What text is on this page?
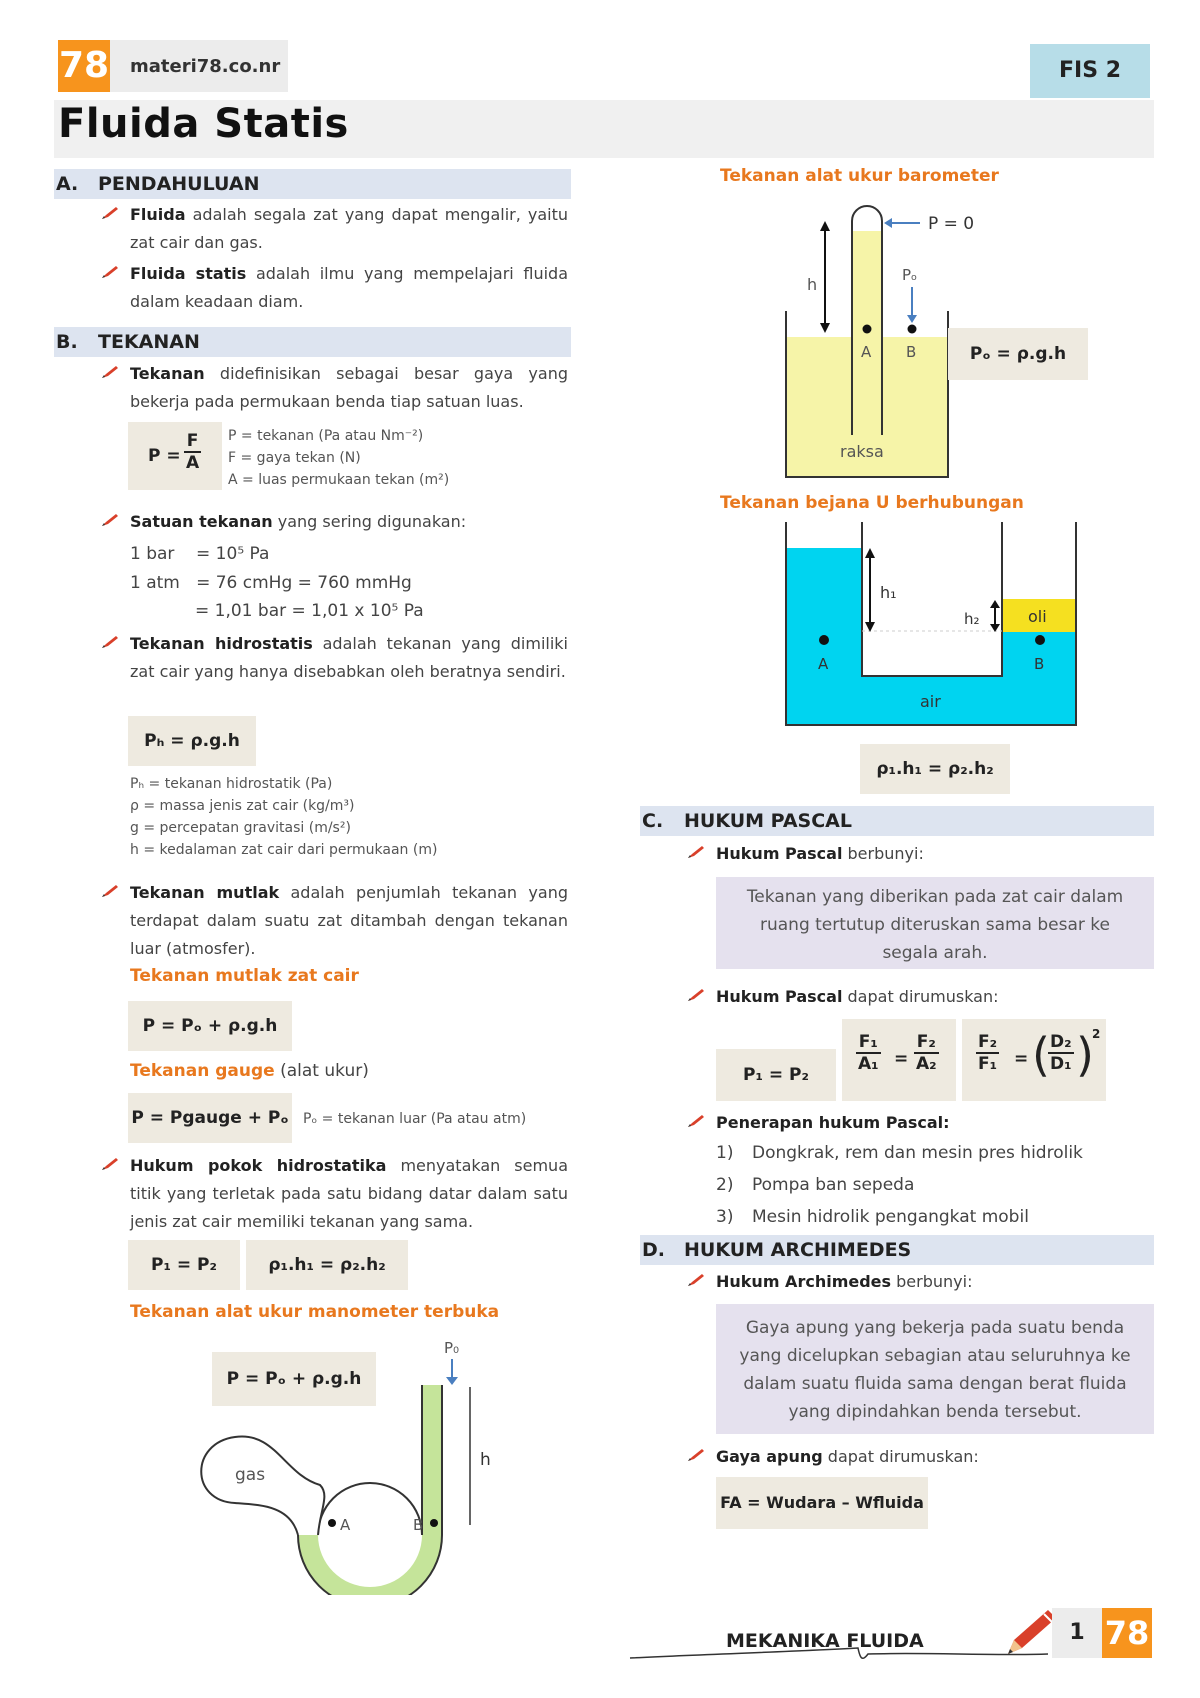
78 materi78.co.nr	FIS 2
Fluida Statis
A. PENDAHULUAN
Fluida adalah segala zat yang dapat mengalir, yaitu zat cair dan gas.
Fluida statis adalah ilmu yang mempelajari fluida dalam keadaan diam.
B. TEKANAN
Tekanan didefinisikan sebagai besar gaya yang bekerja pada permukaan benda tiap satuan luas.
$P = \frac{F}{A}$ P = tekanan (Pa atau Nm⁻²)
F = gaya tekan (N)
A = luas permukaan tekan (m²)
Satuan tekanan yang sering digunakan:
1 bar    = 10⁵ Pa
1 atm   = 76 cmHg = 760 mmHg
= 1,01 bar = 1,01 x 10⁵ Pa
Tekanan hidrostatis adalah tekanan yang dimiliki zat cair yang hanya disebabkan oleh beratnya sendiri.
Pₕ = ρ.g.h
Pₕ = tekanan hidrostatik (Pa)
ρ = massa jenis zat cair (kg/m³)
g = percepatan gravitasi (m/s²)
h = kedalaman zat cair dari permukaan (m)
Tekanan mutlak adalah penjumlah tekanan yang terdapat dalam suatu zat ditambah dengan tekanan luar (atmosfer).
Tekanan mutlak zat cair
P = Pₒ + ρ.g.h
Tekanan gauge (alat ukur)
P = Pgauge + Pₒ Pₒ = tekanan luar (Pa atau atm)
Hukum pokok hidrostatika menyatakan semua titik yang terletak pada satu bidang datar dalam satu jenis zat cair memiliki tekanan yang sama.
P₁ = P₂	ρ₁.h₁ = ρ₂.h₂
Tekanan alat ukur manometer terbuka
P = Pₒ + ρ.g.h
gas
A	B
P₀
h
Tekanan alat ukur barometer
P = 0
h	Pₒ
A B
raksa
Pₒ = ρ.g.h
Tekanan bejana U berhubungan
h₁
h₂	oli
A	B
air
ρ₁.h₁ = ρ₂.h₂
C. HUKUM PASCAL
Hukum Pascal berbunyi:
Tekanan yang diberikan pada zat cair dalam ruang tertutup diteruskan sama besar ke segala arah.
Hukum Pascal dapat dirumuskan:
P₁ = P₂
$\frac{\text{F₁}}{\text{A₁}} = \frac{\text{F₂}}{\text{A₂}} \frac{\text{F₂}}{\text{F₁}}$ = (
$\frac{\text{D₂}}{\text{D₁}}$ )
2
Penerapan hukum Pascal:
1) Dongkrak, rem dan mesin pres hidrolik
2) Pompa ban sepeda
3) Mesin hidrolik pengangkat mobil
D. HUKUM ARCHIMEDES
Hukum Archimedes berbunyi:
Gaya apung yang bekerja pada suatu benda yang dicelupkan sebagian atau seluruhnya ke dalam suatu fluida sama dengan berat fluida yang dipindahkan benda tersebut.
Gaya apung dapat dirumuskan:
FA = Wudara – Wfluida
MEKANIKA FLUIDA	1 78
